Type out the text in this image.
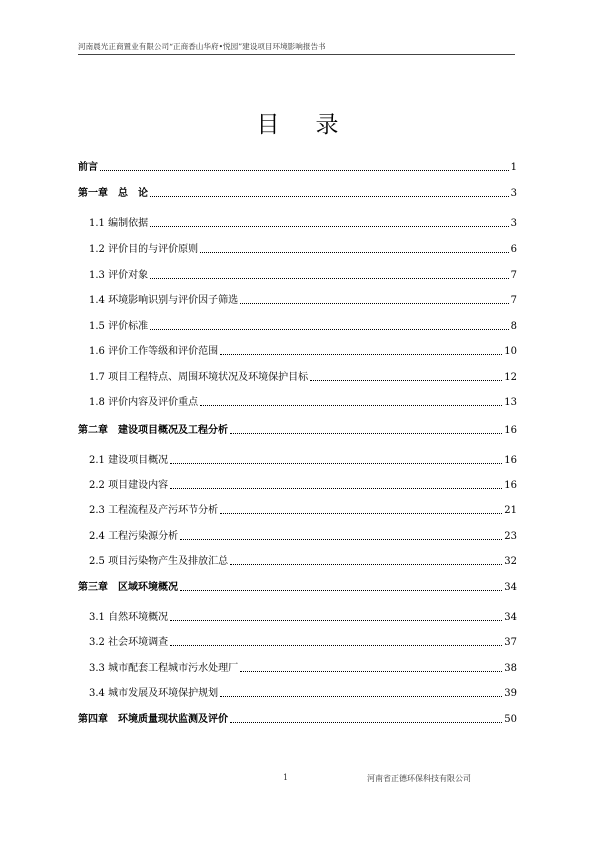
河南晨光正商置业有限公司“正商香山华府•悦园”建设项目环境影响报告书
目 录
前言	1
第一章　总　论	3
1.1 编制依据	3
1.2 评价目的与评价原则	6
1.3 评价对象	7
1.4 环境影响识别与评价因子筛选	7
1.5 评价标准	8
1.6 评价工作等级和评价范围	10
1.7 项目工程特点、周围环境状况及环境保护目标	12
1.8 评价内容及评价重点	13
第二章　建设项目概况及工程分析	16
2.1 建设项目概况	16
2.2 项目建设内容	16
2.3 工程流程及产污环节分析	21
2.4 工程污染源分析	23
2.5 项目污染物产生及排放汇总	32
第三章　区域环境概况	34
3.1 自然环境概况	34
3.2 社会环境调查	37
3.3 城市配套工程城市污水处理厂	38
3.4 城市发展及环境保护规划	39
第四章　环境质量现状监测及评价	50
1	河南省正德环保科技有限公司
